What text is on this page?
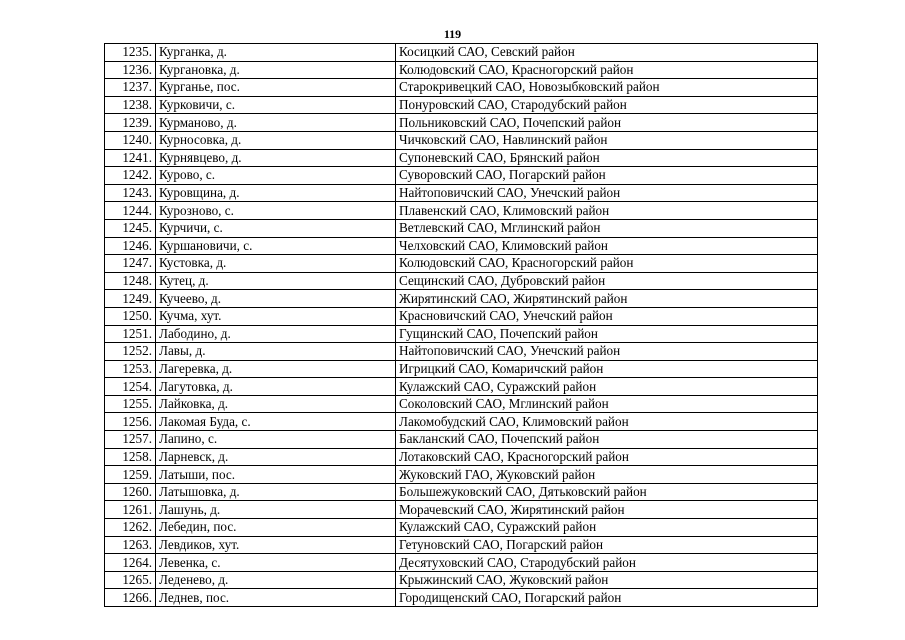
119
1235.	Курганка, д.	Косицкий САО, Севский район
1236.	Кургановка, д.	Колюдовский САО, Красногорский район
1237.	Курганье, пос.	Старокривецкий САО, Новозыбковский район
1238.	Курковичи, с.	Понуровский САО, Стародубский район
1239.	Курманово, д.	Польниковский САО, Почепский район
1240.	Курносовка, д.	Чичковский САО, Навлинский район
1241.	Курнявцево, д.	Супоневский САО, Брянский район
1242.	Курово, с.	Суворовский САО, Погарский район
1243.	Куровщина, д.	Найтоповичский САО, Унечский район
1244.	Курозново, с.	Плавенский САО, Климовский район
1245.	Курчичи, с.	Ветлевский САО, Мглинский район
1246.	Куршановичи, с.	Челховский САО, Климовский район
1247.	Кустовка, д.	Колюдовский САО, Красногорский район
1248.	Кутец, д.	Сещинский САО, Дубровский район
1249.	Кучеево, д.	Жирятинский САО, Жирятинский район
1250.	Кучма, хут.	Красновичский САО, Унечский район
1251.	Лабодино, д.	Гущинский САО, Почепский район
1252.	Лавы, д.	Найтоповичский САО, Унечский район
1253.	Лагеревка, д.	Игрицкий САО, Комаричский район
1254.	Лагутовка, д.	Кулажский САО, Суражский район
1255.	Лайковка, д.	Соколовский САО, Мглинский район
1256.	Лакомая Буда, с.	Лакомобудский САО, Климовский район
1257.	Лапино, с.	Бакланский САО, Почепский район
1258.	Ларневск, д.	Лотаковский САО, Красногорский район
1259.	Латыши, пос.	Жуковский ГАО, Жуковский район
1260.	Латышовка, д.	Большежуковский САО, Дятьковский район
1261.	Лашунь, д.	Морачевский САО, Жирятинский район
1262.	Лебедин, пос.	Кулажский САО, Суражский район
1263.	Левдиков, хут.	Гетуновский САО, Погарский район
1264.	Левенка, с.	Десятуховский САО, Стародубский район
1265.	Леденево, д.	Крыжинский САО, Жуковский район
1266.	Леднев, пос.	Городищенский САО, Погарский район
